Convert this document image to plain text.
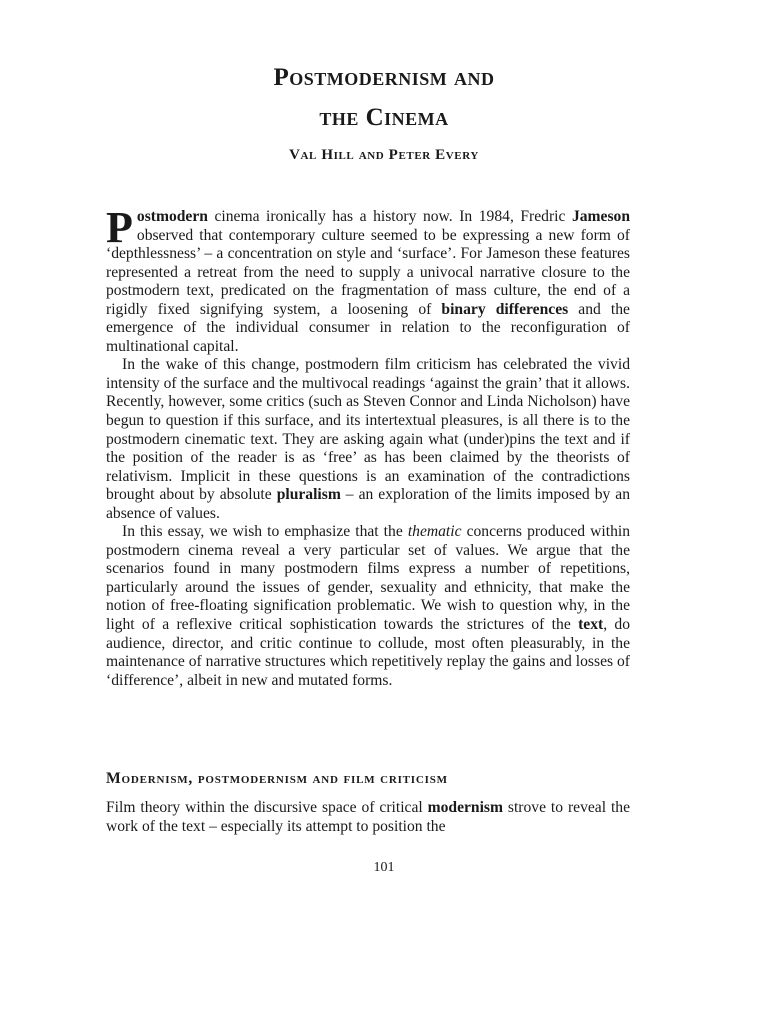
Postmodernism and
the Cinema
Val Hill and Peter Every

Postmodern cinema ironically has a history now. In 1984, Fredric Jameson observed that contemporary culture seemed to be expressing a new form of ‘depthlessness’ – a concentration on style and ‘surface’. For Jameson these features represented a retreat from the need to supply a univocal narrative closure to the postmodern text, predicated on the fragmentation of mass culture, the end of a rigidly fixed signifying system, a loosening of binary differences and the emergence of the individual consumer in relation to the reconfiguration of multinational capital.

In the wake of this change, postmodern film criticism has celebrated the vivid intensity of the surface and the multivocal readings ‘against the grain’ that it allows. Recently, however, some critics (such as Steven Connor and Linda Nicholson) have begun to question if this surface, and its intertextual pleasures, is all there is to the postmodern cinematic text. They are asking again what (under)pins the text and if the position of the reader is as ‘free’ as has been claimed by the theorists of relativism. Implicit in these questions is an examination of the contradictions brought about by absolute pluralism – an exploration of the limits imposed by an absence of values.

In this essay, we wish to emphasize that the thematic concerns produced within postmodern cinema reveal a very particular set of values. We argue that the scenarios found in many postmodern films express a number of repetitions, particularly around the issues of gender, sexuality and ethnicity, that make the notion of free-floating signification problematic. We wish to question why, in the light of a reflexive critical sophistication towards the strictures of the text, do audience, director, and critic continue to collude, most often pleasurably, in the maintenance of narrative structures which repetitively replay the gains and losses of ‘difference’, albeit in new and mutated forms.

Modernism, postmodernism and film criticism
Film theory within the discursive space of critical modernism strove to reveal the work of the text – especially its attempt to position the
101
